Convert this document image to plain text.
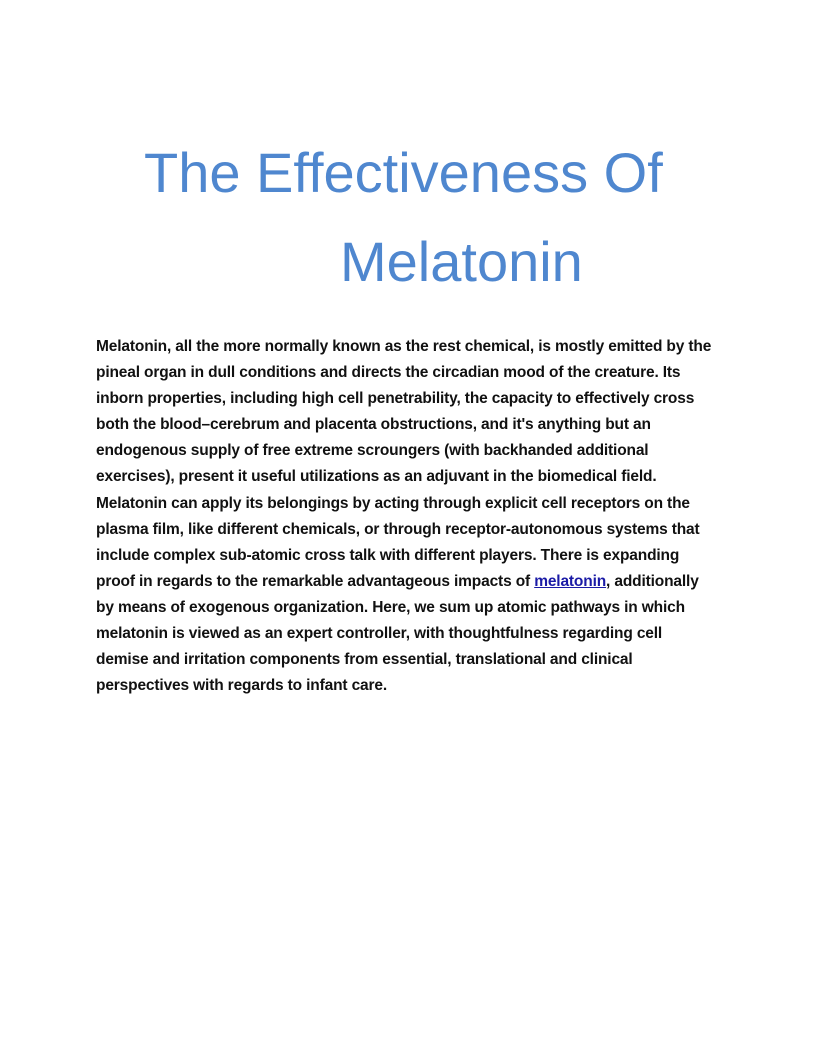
The Effectiveness Of
Melatonin

Melatonin, all the more normally known as the rest chemical, is mostly emitted by the pineal organ in dull conditions and directs the circadian mood of the creature. Its inborn properties, including high cell penetrability, the capacity to effectively cross both the blood–cerebrum and placenta obstructions, and it's anything but an endogenous supply of free extreme scroungers (with backhanded additional exercises), present it useful utilizations as an adjuvant in the biomedical field. Melatonin can apply its belongings by acting through explicit cell receptors on the plasma film, like different chemicals, or through receptor-autonomous systems that include complex sub-atomic cross talk with different players. There is expanding proof in regards to the remarkable advantageous impacts of melatonin, additionally by means of exogenous organization. Here, we sum up atomic pathways in which melatonin is viewed as an expert controller, with thoughtfulness regarding cell demise and irritation components from essential, translational and clinical perspectives with regards to infant care.
